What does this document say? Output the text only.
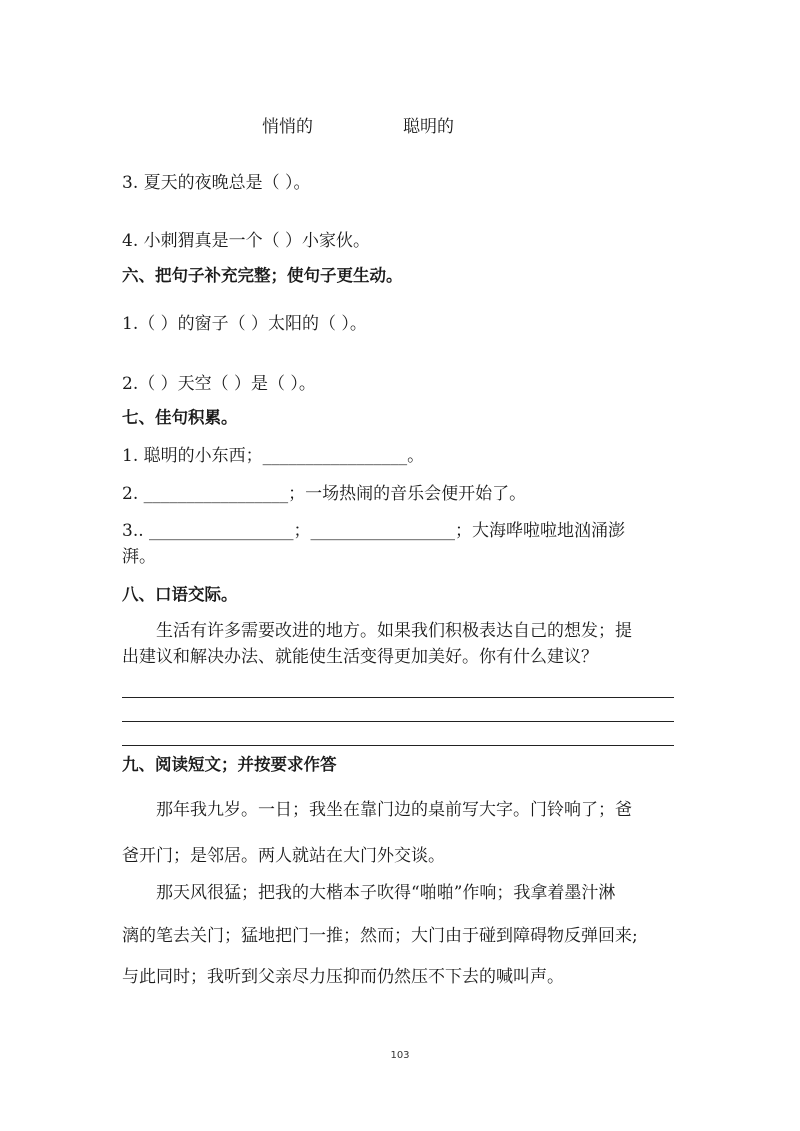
悄悄的	聪明的
3. 夏天的夜晚总是（ ）。
4. 小刺猬真是一个（ ）小家伙。
六、把句子补充完整；使句子更生动。
1.（ ）的窗子（ ）太阳的（ ）。
2.（ ）天空（ ）是（ ）。
七、佳句积累。
1. 聪明的小东西；_________________。
2. _________________；一场热闹的音乐会便开始了。
3.. _________________；_________________；大海哗啦啦地汹涌澎
湃。
八、口语交际。
生活有许多需要改进的地方。如果我们积极表达自己的想发；提
出建议和解决办法、就能使生活变得更加美好。你有什么建议？
九、阅读短文；并按要求作答
那年我九岁。一日；我坐在靠门边的桌前写大字。门铃响了；爸
爸开门；是邻居。两人就站在大门外交谈。
那天风很猛；把我的大楷本子吹得“啪啪”作响；我拿着墨汁淋
漓的笔去关门；猛地把门一推；然而；大门由于碰到障碍物反弹回来;
与此同时；我听到父亲尽力压抑而仍然压不下去的喊叫声。
103
